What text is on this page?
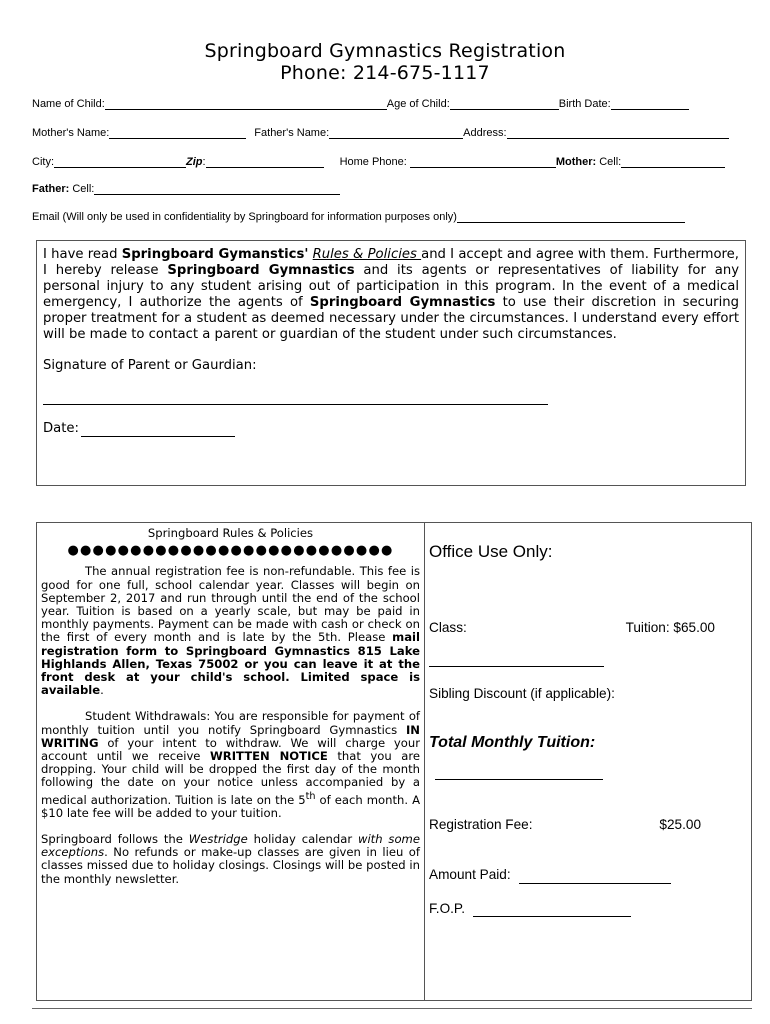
Springboard Gymnastics Registration
Phone: 214-675-1117
Name of Child:	Age of Child:	Birth Date:
Mother's Name:	Father's Name:	Address:
City:	Zip :	Home Phone:	Mother: Cell:
Father: Cell:
Email (Will only be used in confidentiality by Springboard for information purposes only)

I have read Springboard Gymanstics' Rules & Policies and I accept and agree with them. Furthermore, I hereby release Springboard Gymnastics and its agents or representatives of liability for any personal injury to any student arising out of participation in this program. In the event of a medical emergency, I authorize the agents of Springboard Gymnastics to use their discretion in securing proper treatment for a student as deemed necessary under the circumstances. I understand every effort will be made to contact a parent or guardian of the student under such circumstances.

Signature of Parent or Gaurdian:
Date:
Springboard Rules & Policies
●●●●●●●●●●●●●●●●●●●●●●●●●●

The annual registration fee is non-refundable. This fee is good for one full, school calendar year. Classes will begin on September 2, 2017 and run through until the end of the school year. Tuition is based on a yearly scale, but may be paid in monthly payments. Payment can be made with cash or check on the first of every month and is late by the 5th. Please mail registration form to Springboard Gymnastics 815 Lake Highlands Allen, Texas 75002 or you can leave it at the front desk at your child's school. Limited space is available.

Student Withdrawals: You are responsible for payment of monthly tuition until you notify Springboard Gymnastics IN WRITING of your intent to withdraw. We will charge your account until we receive WRITTEN NOTICE that you are dropping. Your child will be dropped the first day of the month following the date on your notice unless accompanied by a medical authorization. Tuition is late on the 5th of each month. A $10 late fee will be added to your tuition.

Springboard follows the Westridge holiday calendar with some exceptions. No refunds or make-up classes are given in lieu of classes missed due to holiday closings. Closings will be posted in the monthly newsletter.

Office Use Only:
Class:	Tuition: $65.00
Sibling Discount (if applicable):
Total Monthly Tuition:
Registration Fee:	$25.00
Amount Paid:
F.O.P.
